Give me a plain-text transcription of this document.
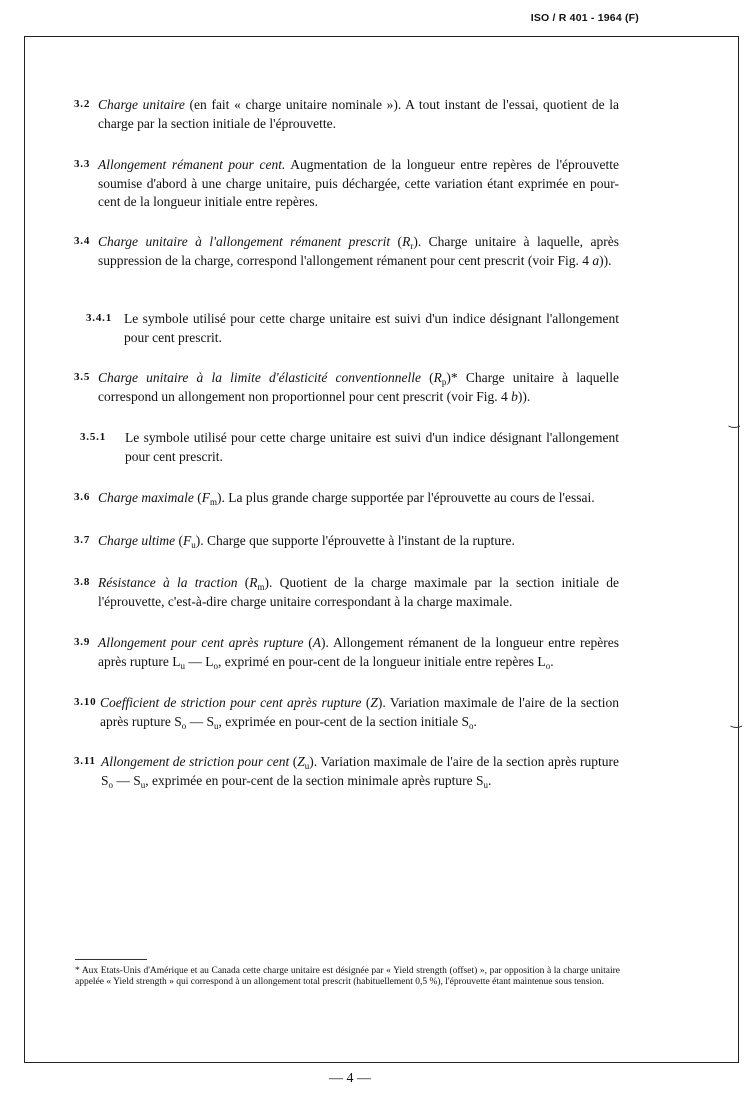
ISO / R 401 - 1964 (F)
3.2 Charge unitaire (en fait « charge unitaire nominale »). A tout instant de l'essai, quotient de la charge par la section initiale de l'éprouvette.
3.3 Allongement rémanent pour cent. Augmentation de la longueur entre repères de l'éprouvette soumise d'abord à une charge unitaire, puis déchargée, cette variation étant exprimée en pour-cent de la longueur initiale entre repères.
3.4 Charge unitaire à l'allongement rémanent prescrit $(R_r)$. Charge unitaire à laquelle, après suppression de la charge, correspond l'allongement rémanent pour cent prescrit (voir Fig. 4 a)).
3.4.1 Le symbole utilisé pour cette charge unitaire est suivi d'un indice désignant l'allongement pour cent prescrit.
3.5 Charge unitaire à la limite d'élasticité conventionnelle $(R_p)*$ Charge unitaire à laquelle correspond un allongement non proportionnel pour cent prescrit (voir Fig. 4 b)).
3.5.1 Le symbole utilisé pour cette charge unitaire est suivi d'un indice désignant l'allongement pour cent prescrit.
3.6 Charge maximale $(F_m)$. La plus grande charge supportée par l'éprouvette au cours de l'essai.
3.7 Charge ultime $(F_u)$. Charge que supporte l'éprouvette à l'instant de la rupture.
3.8 Résistance à la traction $(R_m)$. Quotient de la charge maximale par la section initiale de l'éprouvette, c'est-à-dire charge unitaire correspondant à la charge maximale.
3.9 Allongement pour cent après rupture (A). Allongement rémanent de la longueur entre repères après rupture $L_u$ — $L_o$, exprimé en pour-cent de la longueur initiale entre repères $L_o$.
3.10 Coefficient de striction pour cent après rupture (Z). Variation maximale de l'aire de la section après rupture $S_o$ — $S_u$, exprimée en pour-cent de la section initiale $S_o$.
3.11 Allongement de striction pour cent $(Z_u)$. Variation maximale de l'aire de la section après rupture $S_o$ — $S_u$, exprimée en pour-cent de la section minimale après rupture $S_u$.
* Aux Etats-Unis d'Amérique et au Canada cette charge unitaire est désignée par « Yield strength (offset) », par opposition à la charge unitaire appelée « Yield strength » qui correspond à un allongement total prescrit (habituellement 0,5 %), l'éprouvette étant maintenue sous tension.
— 4 —
‿
‿
